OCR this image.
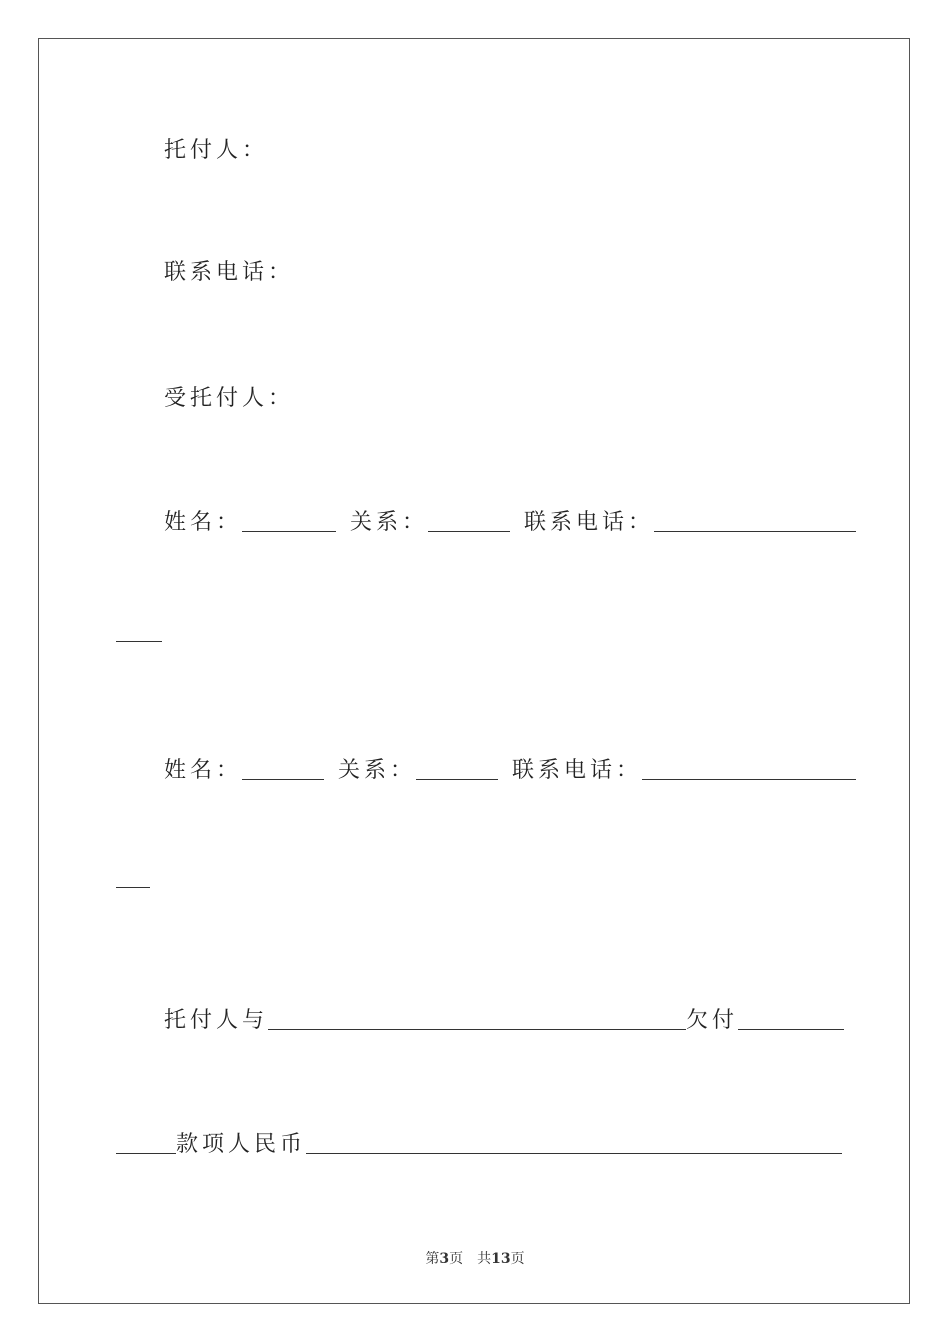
托付人：
联系电话：
受托付人：
姓名：	关系：	联系电话：
姓名：	关系：	联系电话：
托付人与	欠付
款项人民币
第3页 共13页
